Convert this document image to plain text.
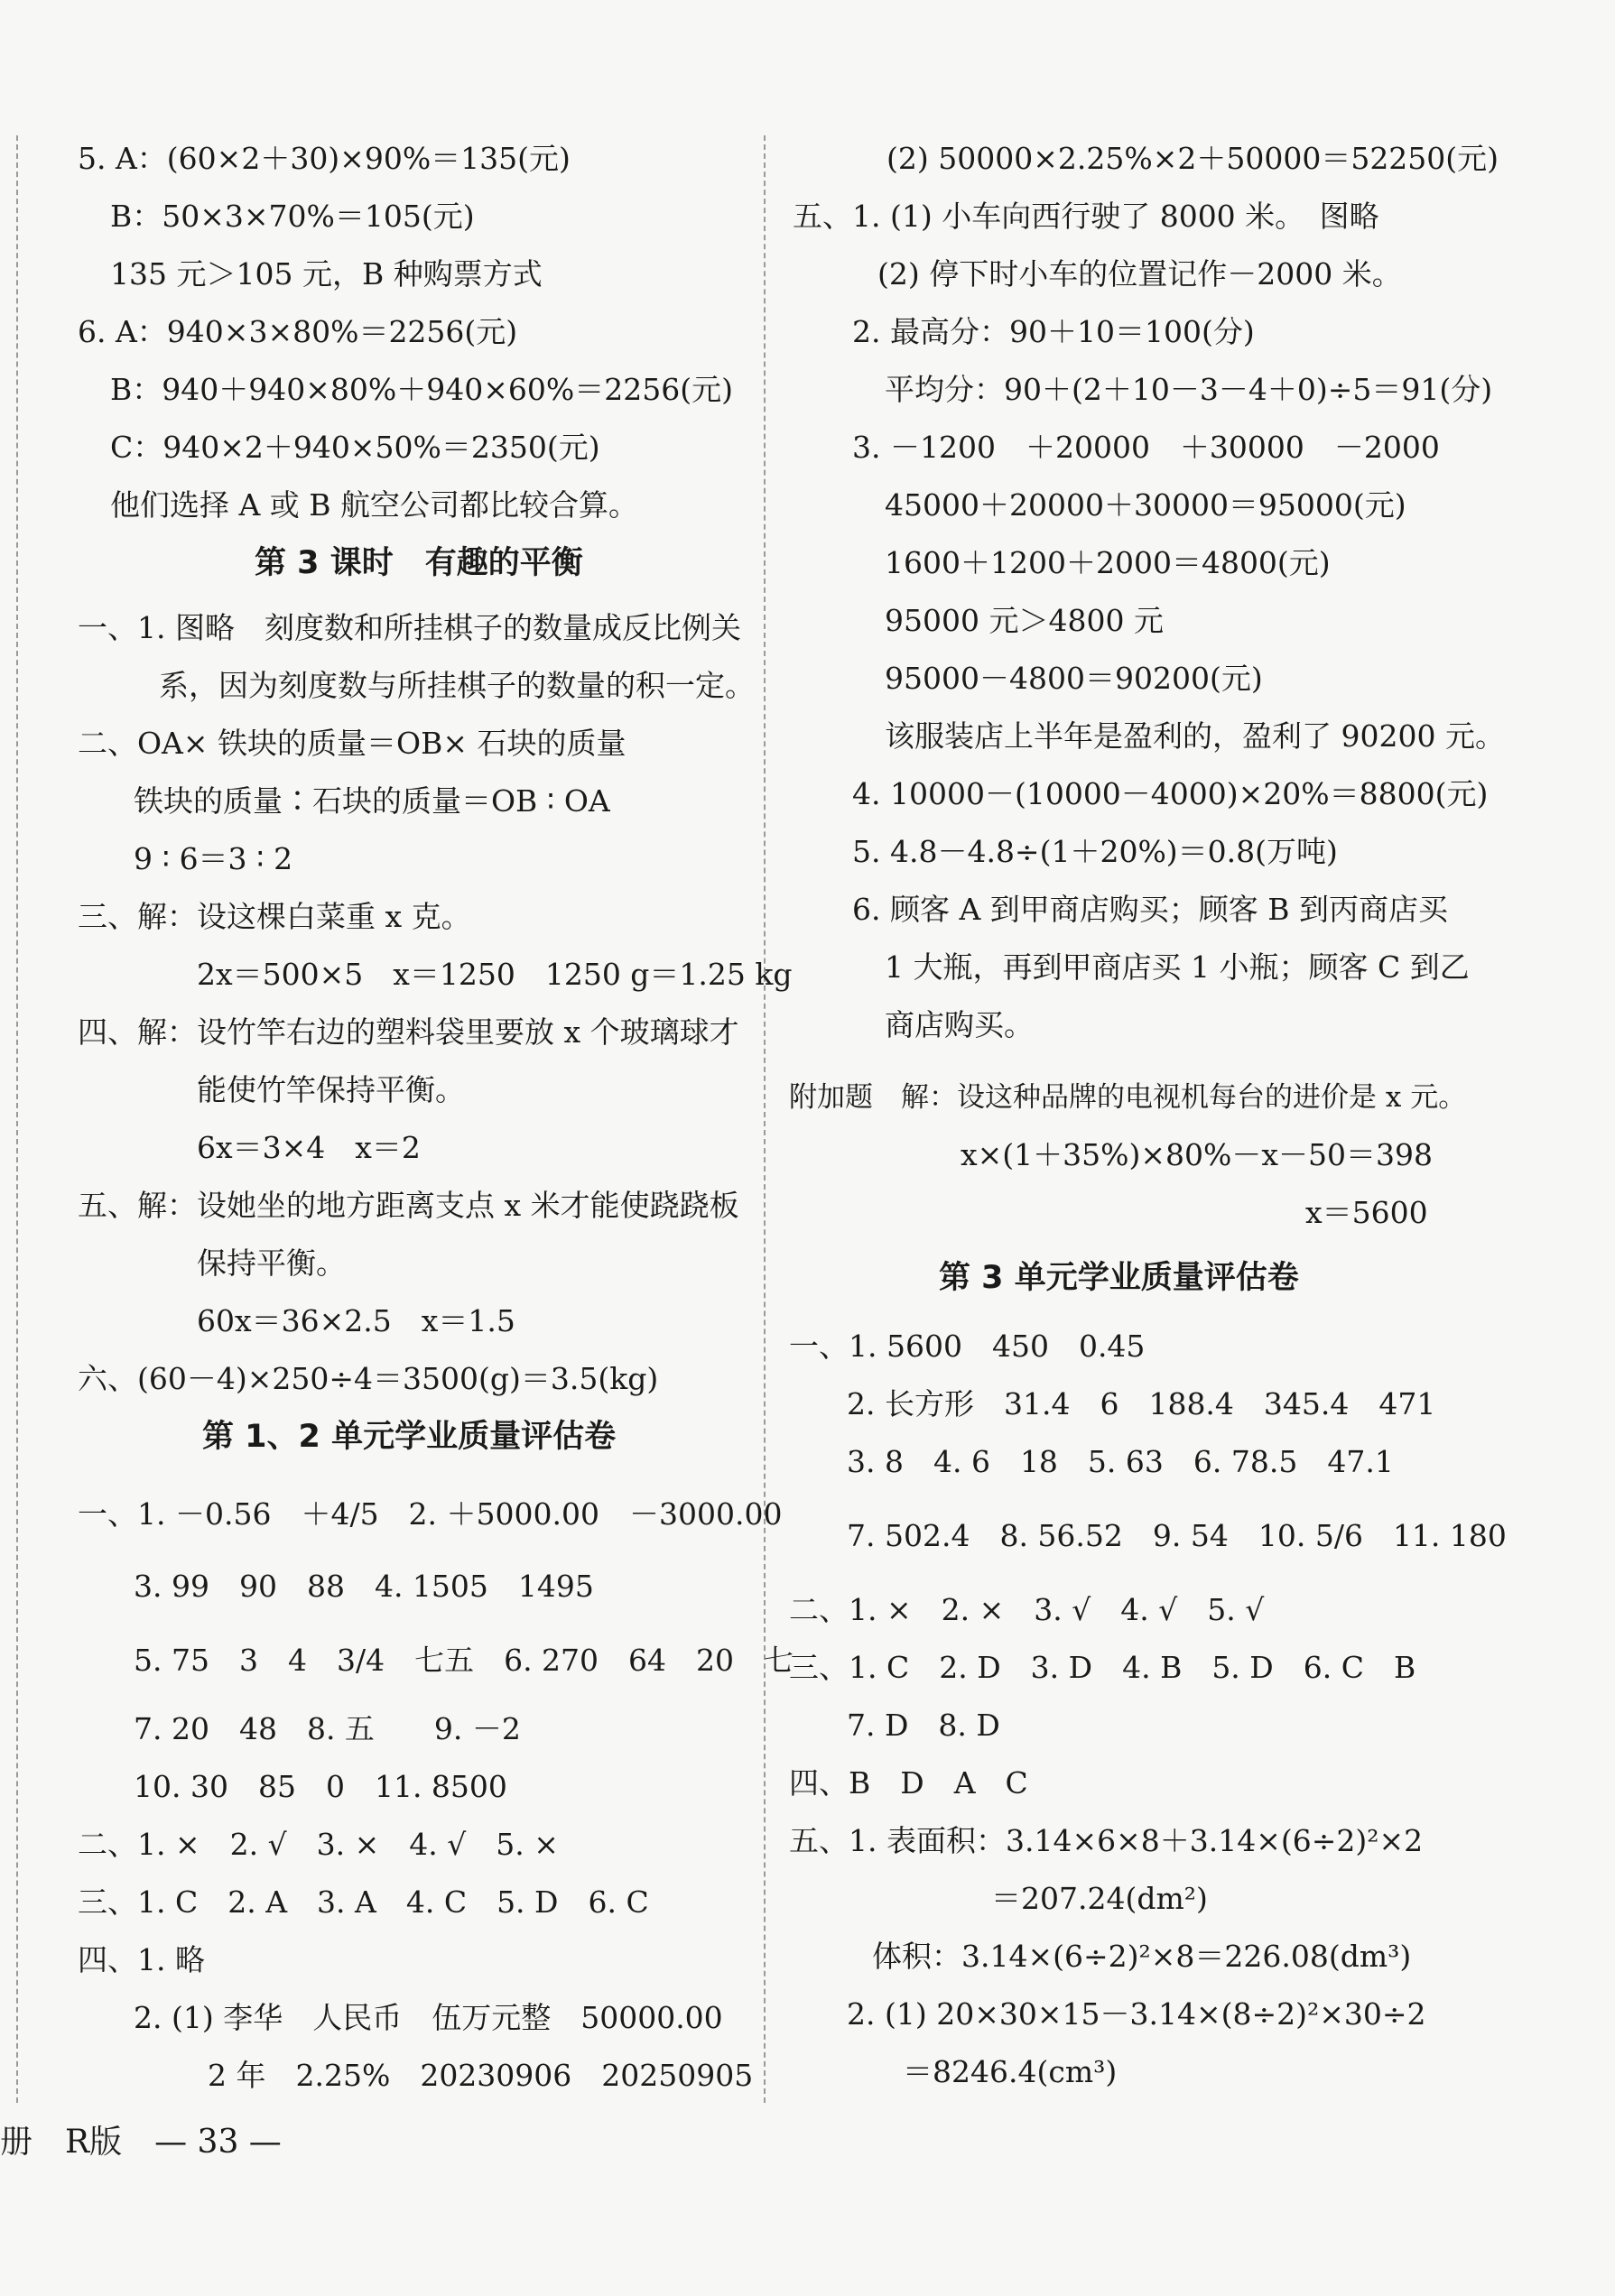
5. A：(60×2＋30)×90%＝135(元)
B：50×3×70%＝105(元)
135 元＞105 元，B 种购票方式
6. A：940×3×80%＝2256(元)
B：940＋940×80%＋940×60%＝2256(元)
C：940×2＋940×50%＝2350(元)
他们选择 A 或 B 航空公司都比较合算。
第 3 课时　有趣的平衡
一、1. 图略　刻度数和所挂棋子的数量成反比例关
系，因为刻度数与所挂棋子的数量的积一定。
二、OA× 铁块的质量＝OB× 石块的质量
铁块的质量∶石块的质量＝OB ∶ OA
9 ∶ 6＝3 ∶ 2
三、解：设这棵白菜重 x 克。
2x＝500×5　x＝1250　1250 g＝1.25 kg
四、解：设竹竿右边的塑料袋里要放 x 个玻璃球才
能使竹竿保持平衡。
6x＝3×4　x＝2
五、解：设她坐的地方距离支点 x 米才能使跷跷板
保持平衡。
60x＝36×2.5　x＝1.5
六、(60－4)×250÷4＝3500(g)＝3.5(kg)
第 1、2 单元学业质量评估卷
一、1. －0.56　＋4/5　2. ＋5000.00　－3000.00
3. 99　90　88　4. 1505　1495
5. 75　3　4　3/4　七五　6. 270　64　20　七
7. 20　48　8. 五　　9. －2
10. 30　85　0　11. 8500
二、1. ×　2. √　3. ×　4. √　5. ×
三、1. C　2. A　3. A　4. C　5. D　6. C
四、1. 略
2. (1) 李华　人民币　伍万元整　50000.00
2 年　2.25%　20230906　20250905
(2) 50000×2.25%×2＋50000＝52250(元)
五、1. (1) 小车向西行驶了 8000 米。　图略
(2) 停下时小车的位置记作－2000 米。
2. 最高分：90＋10＝100(分)
平均分：90＋(2＋10－3－4＋0)÷5＝91(分)
3. －1200　＋20000　＋30000　－2000
45000＋20000＋30000＝95000(元)
1600＋1200＋2000＝4800(元)
95000 元＞4800 元
95000－4800＝90200(元)
该服装店上半年是盈利的，盈利了 90200 元。
4. 10000－(10000－4000)×20%＝8800(元)
5. 4.8－4.8÷(1＋20%)＝0.8(万吨)
6. 顾客 A 到甲商店购买；顾客 B 到丙商店买
1 大瓶，再到甲商店买 1 小瓶；顾客 C 到乙
商店购买。
附加题　解：设这种品牌的电视机每台的进价是 x 元。
x×(1＋35%)×80%－x－50＝398
x＝5600
第 3 单元学业质量评估卷
一、1. 5600　450　0.45
2. 长方形　31.4　6　188.4　345.4　471
3. 8　4. 6　18　5. 63　6. 78.5　47.1
7. 502.4　8. 56.52　9. 54　10. 5/6　11. 180
二、1. ×　2. ×　3. √　4. √　5. √
三、1. C　2. D　3. D　4. B　5. D　6. C　B
7. D　8. D
四、B　D　A　C
五、1. 表面积：3.14×6×8＋3.14×(6÷2)²×2
＝207.24(dm²)
体积：3.14×(6÷2)²×8＝226.08(dm³)
2. (1) 20×30×15－3.14×(8÷2)²×30÷2
＝8246.4(cm³)
册　R版　— 33 —
